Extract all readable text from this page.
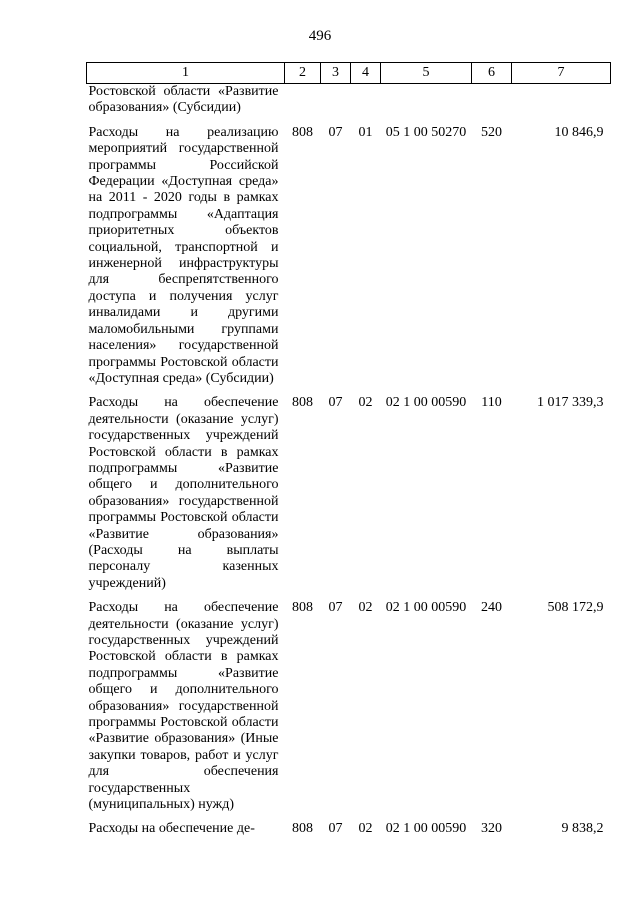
496
1	2	3	4	5	6	7
Ростовской области «Развитие образования» (Субсидии)						
Расходы на реализацию мероприятий государственной программы Российской Федерации «Доступная среда» на 2011 - 2020 годы в рамках подпрограммы «Адаптация приоритетных объектов социальной, транспортной и инженерной инфраструктуры для беспрепятственного доступа и получения услуг инвалидами и другими маломобильными группами населения» государственной программы Ростовской области «Доступная среда» (Субсидии)	808	07	01	05 1 00 50270	520	10 846,9
Расходы на обеспечение деятельности (оказание услуг) государственных учреждений Ростовской области в рамках подпрограммы «Развитие общего и дополнительного образования» государственной программы Ростовской области «Развитие образования» (Расходы на выплаты персоналу казенных учреждений)	808	07	02	02 1 00 00590	110	1 017 339,3
Расходы на обеспечение деятельности (оказание услуг) государственных учреждений Ростовской области в рамках подпрограммы «Развитие общего и дополнительного образования» государственной программы Ростовской области «Развитие образования» (Иные закупки товаров, работ и услуг для обеспечения государственных (муниципальных) нужд)	808	07	02	02 1 00 00590	240	508 172,9
Расходы на обеспечение де-	808	07	02	02 1 00 00590	320	9 838,2
